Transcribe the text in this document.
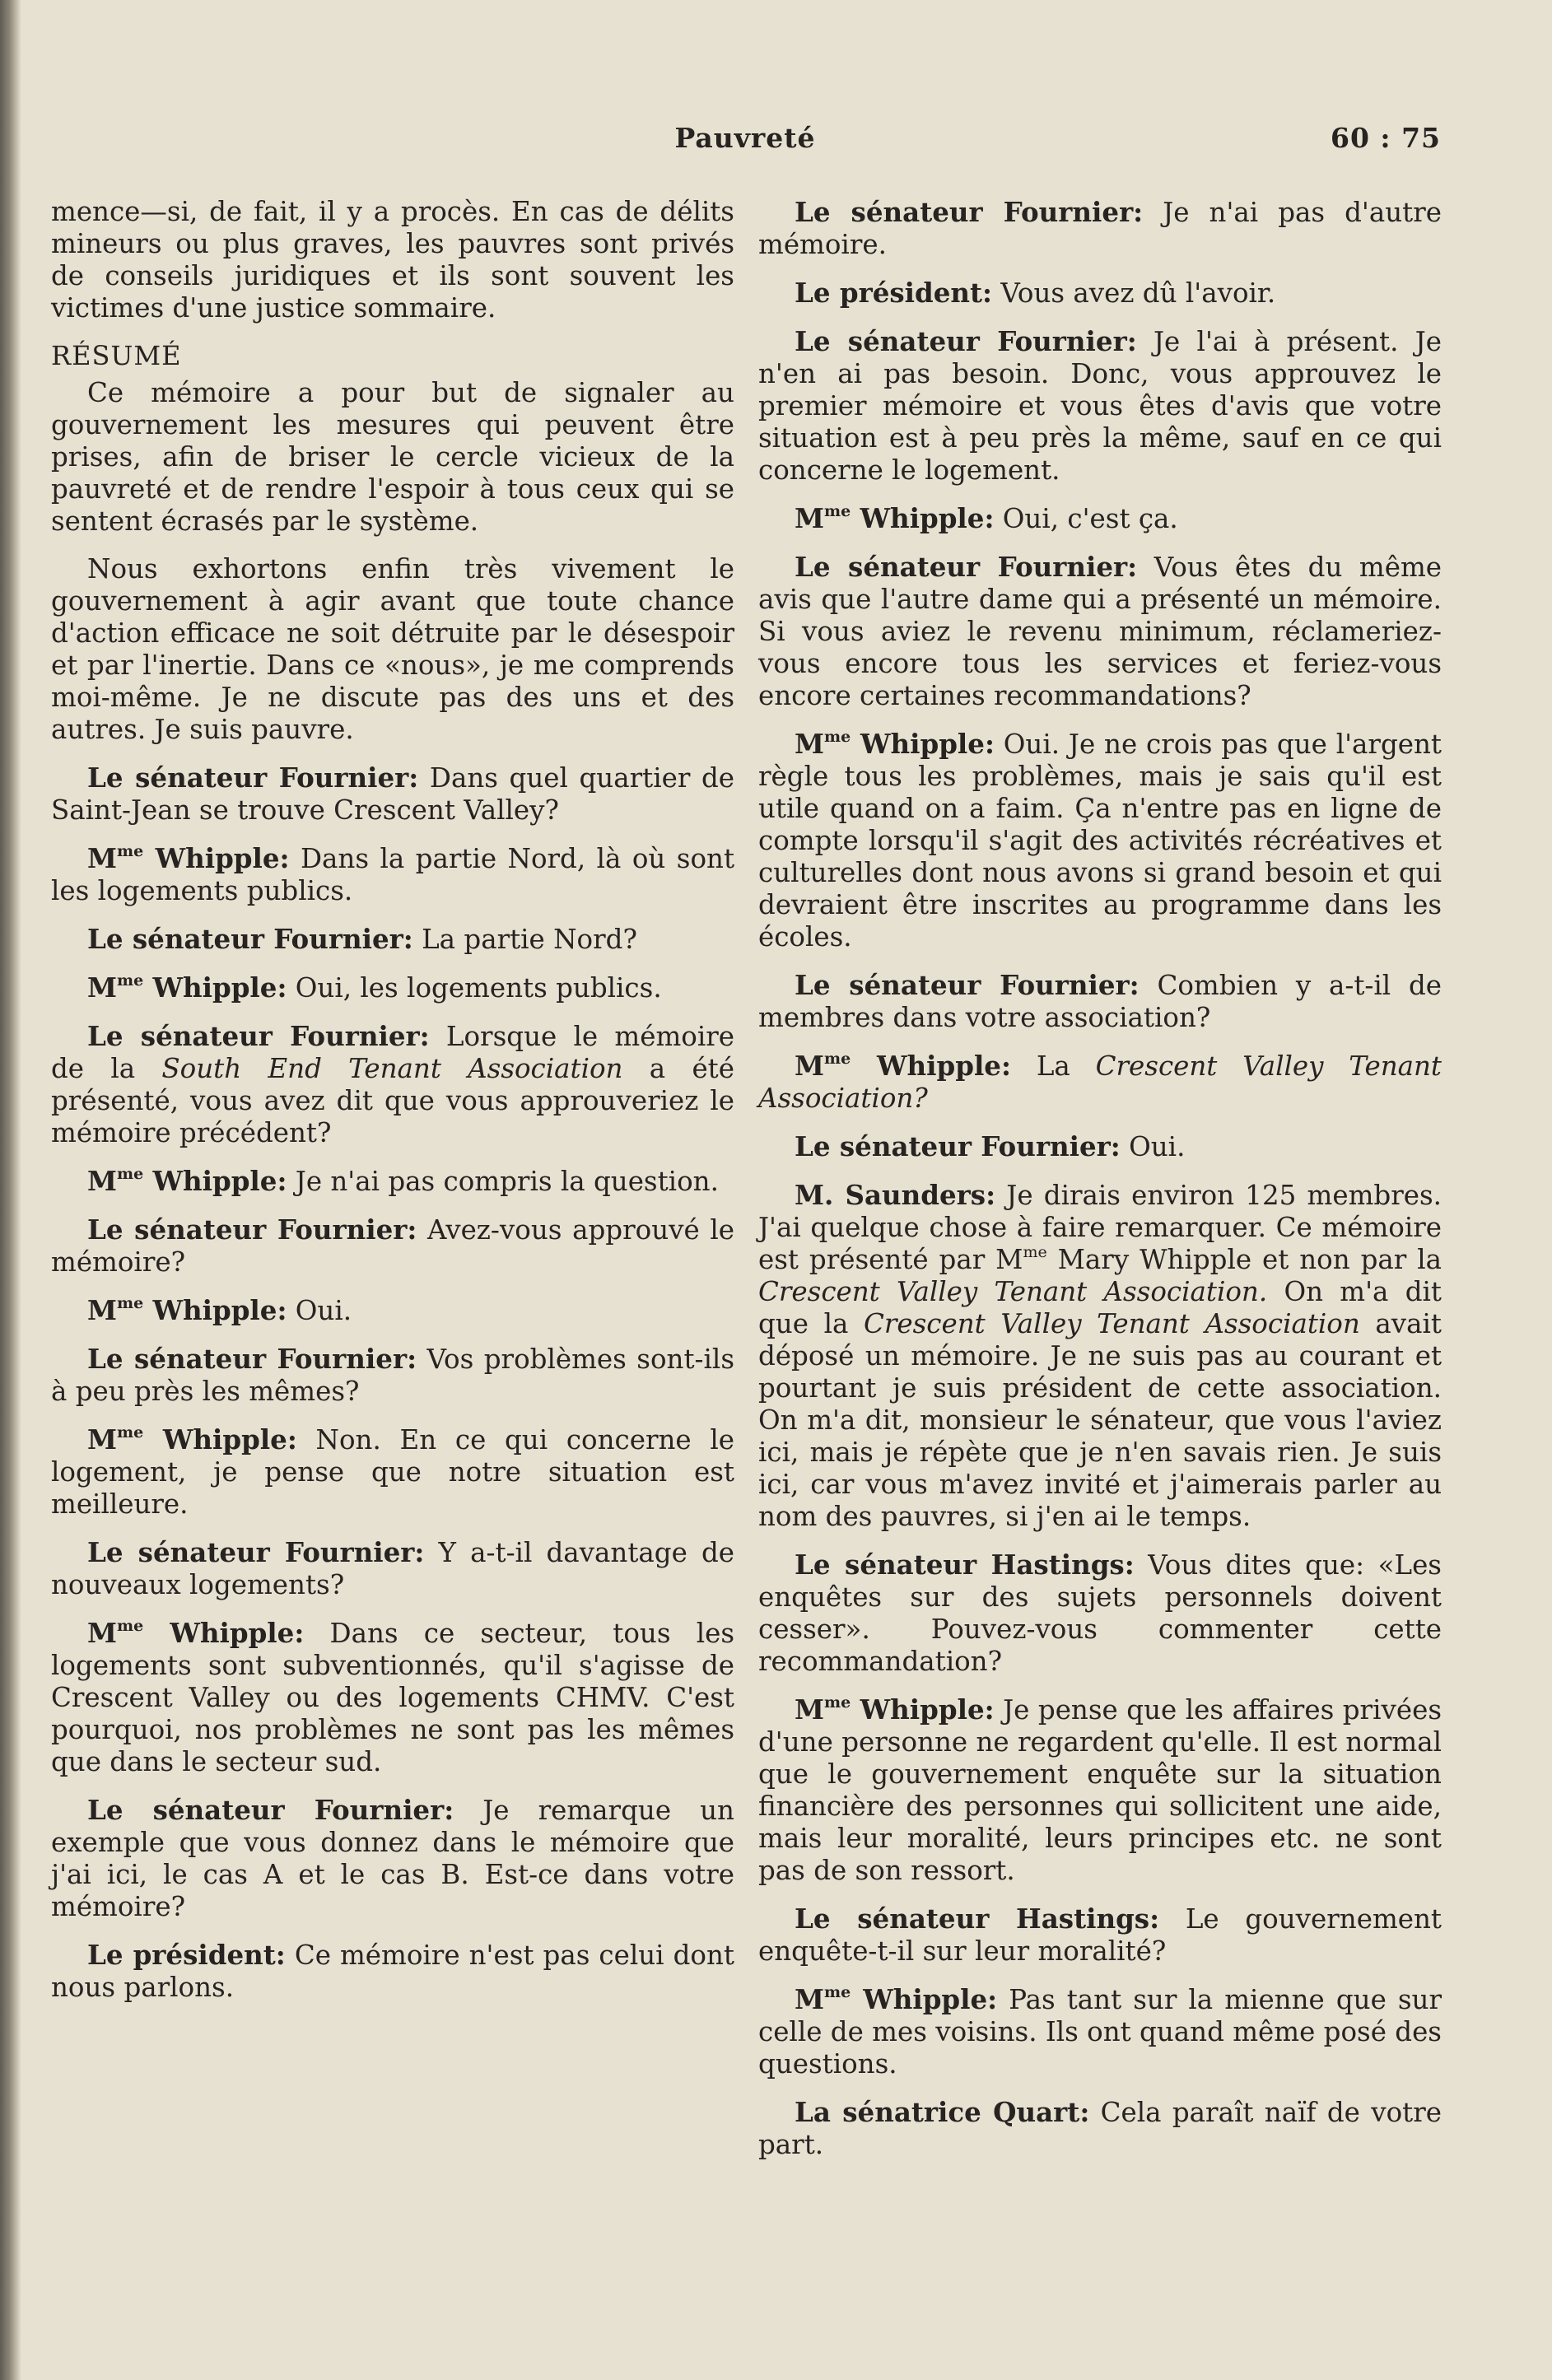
Pauvreté	60 : 75

mence—si, de fait, il y a procès. En cas de délits mineurs ou plus graves, les pauvres sont privés de conseils juridiques et ils sont souvent les victimes d'une justice sommaire.

RÉSUMÉ

Ce mémoire a pour but de signaler au gouvernement les mesures qui peuvent être prises, afin de briser le cercle vicieux de la pauvreté et de rendre l'espoir à tous ceux qui se sentent écrasés par le système.

Nous exhortons enfin très vivement le gouvernement à agir avant que toute chance d'action efficace ne soit détruite par le désespoir et par l'inertie. Dans ce «nous», je me comprends moi-même. Je ne discute pas des uns et des autres. Je suis pauvre.

Le sénateur Fournier: Dans quel quartier de Saint-Jean se trouve Crescent Valley?

$M^{me}$ Whipple: Dans la partie Nord, là où sont les logements publics.

Le sénateur Fournier: La partie Nord?

$M^{me}$ Whipple: Oui, les logements publics.

Le sénateur Fournier: Lorsque le mémoire de la South End Tenant Association a été présenté, vous avez dit que vous approuveriez le mémoire précédent?

$M^{me}$ Whipple: Je n'ai pas compris la question.

Le sénateur Fournier: Avez-vous approuvé le mémoire?

$M^{me}$ Whipple: Oui.

Le sénateur Fournier: Vos problèmes sont-ils à peu près les mêmes?

$M^{me}$ Whipple: Non. En ce qui concerne le logement, je pense que notre situation est meilleure.

Le sénateur Fournier: Y a-t-il davantage de nouveaux logements?

$M^{me}$ Whipple: Dans ce secteur, tous les logements sont subventionnés, qu'il s'agisse de Crescent Valley ou des logements CHMV. C'est pourquoi, nos problèmes ne sont pas les mêmes que dans le secteur sud.

Le sénateur Fournier: Je remarque un exemple que vous donnez dans le mémoire que j'ai ici, le cas A et le cas B. Est-ce dans votre mémoire?

Le président: Ce mémoire n'est pas celui dont nous parlons.

Le sénateur Fournier: Je n'ai pas d'autre mémoire.

Le président: Vous avez dû l'avoir.

Le sénateur Fournier: Je l'ai à présent. Je n'en ai pas besoin. Donc, vous approuvez le premier mémoire et vous êtes d'avis que votre situation est à peu près la même, sauf en ce qui concerne le logement.

$M^{me}$ Whipple: Oui, c'est ça.

Le sénateur Fournier: Vous êtes du même avis que l'autre dame qui a présenté un mémoire. Si vous aviez le revenu minimum, réclameriez-vous encore tous les services et feriez-vous encore certaines recommandations?

$M^{me}$ Whipple: Oui. Je ne crois pas que l'argent règle tous les problèmes, mais je sais qu'il est utile quand on a faim. Ça n'entre pas en ligne de compte lorsqu'il s'agit des activités récréatives et culturelles dont nous avons si grand besoin et qui devraient être inscrites au programme dans les écoles.

Le sénateur Fournier: Combien y a-t-il de membres dans votre association?

$M^{me}$ Whipple: La Crescent Valley Tenant Association?

Le sénateur Fournier: Oui.

M. Saunders: Je dirais environ 125 membres. J'ai quelque chose à faire remarquer. Ce mémoire est présenté par $M^{me}$ Mary Whipple et non par la Crescent Valley Tenant Association. On m'a dit que la Crescent Valley Tenant Association avait déposé un mémoire. Je ne suis pas au courant et pourtant je suis président de cette association. On m'a dit, monsieur le sénateur, que vous l'aviez ici, mais je répète que je n'en savais rien. Je suis ici, car vous m'avez invité et j'aimerais parler au nom des pauvres, si j'en ai le temps.

Le sénateur Hastings: Vous dites que: «Les enquêtes sur des sujets personnels doivent cesser». Pouvez-vous commenter cette recommandation?

$M^{me}$ Whipple: Je pense que les affaires privées d'une personne ne regardent qu'elle. Il est normal que le gouvernement enquête sur la situation financière des personnes qui sollicitent une aide, mais leur moralité, leurs principes etc. ne sont pas de son ressort.

Le sénateur Hastings: Le gouvernement enquête-t-il sur leur moralité?

$M^{me}$ Whipple: Pas tant sur la mienne que sur celle de mes voisins. Ils ont quand même posé des questions.

La sénatrice Quart: Cela paraît naïf de votre part.
